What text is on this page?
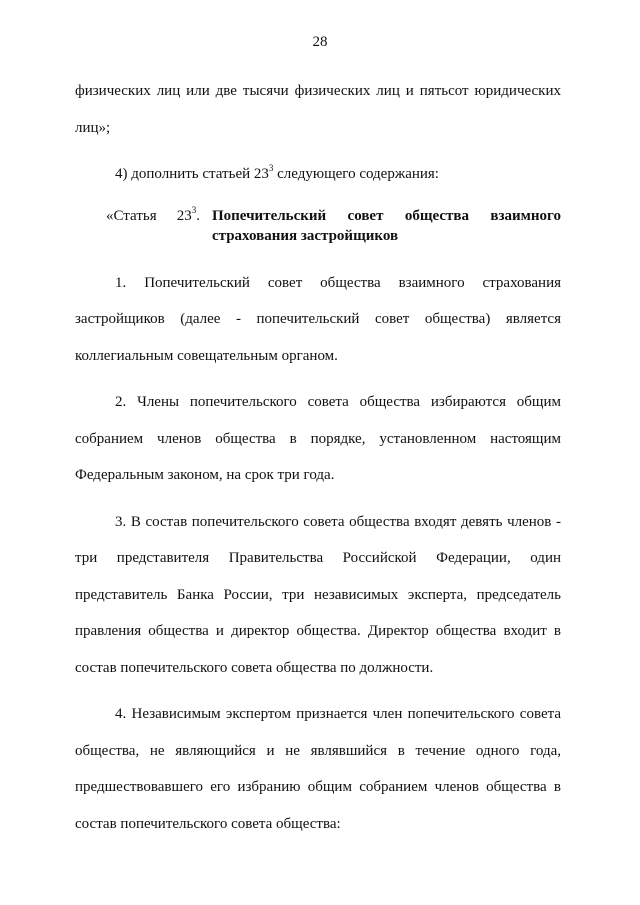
28

физических лиц или две тысячи физических лиц и пятьсот юридических лиц»;

4) дополнить статьей $23^3$ следующего содержания:

«Статья $23^3$. Попечительский совет общества взаимного
страхования застройщиков

1. Попечительский совет общества взаимного страхования застройщиков (далее - попечительский совет общества) является коллегиальным совещательным органом.

2. Члены попечительского совета общества избираются общим собранием членов общества в порядке, установленном настоящим Федеральным законом, на срок три года.

3. В состав попечительского совета общества входят девять членов - три представителя Правительства Российской Федерации, один представитель Банка России, три независимых эксперта, председатель правления общества и директор общества. Директор общества входит в состав попечительского совета общества по должности.

4. Независимым экспертом признается член попечительского совета общества, не являющийся и не являвшийся в течение одного года, предшествовавшего его избранию общим собранием членов общества в состав попечительского совета общества:
